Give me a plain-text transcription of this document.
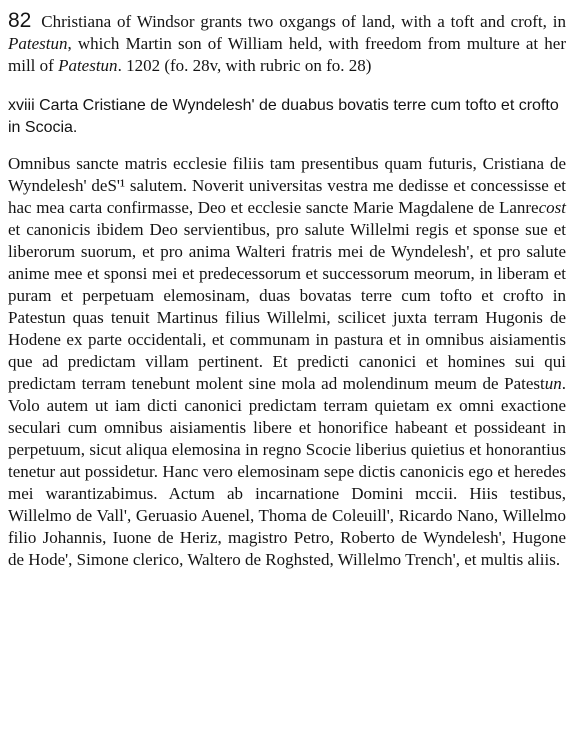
82 Christiana of Windsor grants two oxgangs of land, with a toft and croft, in Patestun, which Martin son of William held, with freedom from multure at her mill of Patestun. 1202 (fo. 28v, with rubric on fo. 28)

xviii Carta Cristiane de Wyndelesh' de duabus bovatis terre cum tofto et crofto in Scocia.

Omnibus sancte matris ecclesie filiis tam presentibus quam futuris, Cristiana de Wyndelesh' deS'¹ salutem. Noverit universitas vestra me dedisse et concessisse et hac mea carta confirmasse, Deo et ecclesie sancte Marie Magdalene de Lanrecost et canonicis ibidem Deo servientibus, pro salute Willelmi regis et sponse sue et liberorum suorum, et pro anima Walteri fratris mei de Wyndelesh', et pro salute anime mee et sponsi mei et predecessorum et successorum meorum, in liberam et puram et perpetuam elemosinam, duas bovatas terre cum tofto et crofto in Patestun quas tenuit Martinus filius Willelmi, scilicet juxta terram Hugonis de Hodene ex parte occidentali, et communam in pastura et in omnibus aisiamentis que ad predictam villam pertinent. Et predicti canonici et homines sui qui predictam terram tenebunt molent sine mola ad molendinum meum de Patestun. Volo autem ut iam dicti canonici predictam terram quietam ex omni exactione seculari cum omnibus aisiamentis libere et honorifice habeant et possideant in perpetuum, sicut aliqua elemosina in regno Scocie liberius quietius et honorantius tenetur aut possidetur. Hanc vero elemosinam sepe dictis canonicis ego et heredes mei warantizabimus. Actum ab incarnatione Domini mccii. Hiis testibus, Willelmo de Vall', Geruasio Auenel, Thoma de Coleuill', Ricardo Nano, Willelmo filio Johannis, Iuone de Heriz, magistro Petro, Roberto de Wyndelesh', Hugone de Hode', Simone clerico, Waltero de Roghsted, Willelmo Trench', et multis aliis.
